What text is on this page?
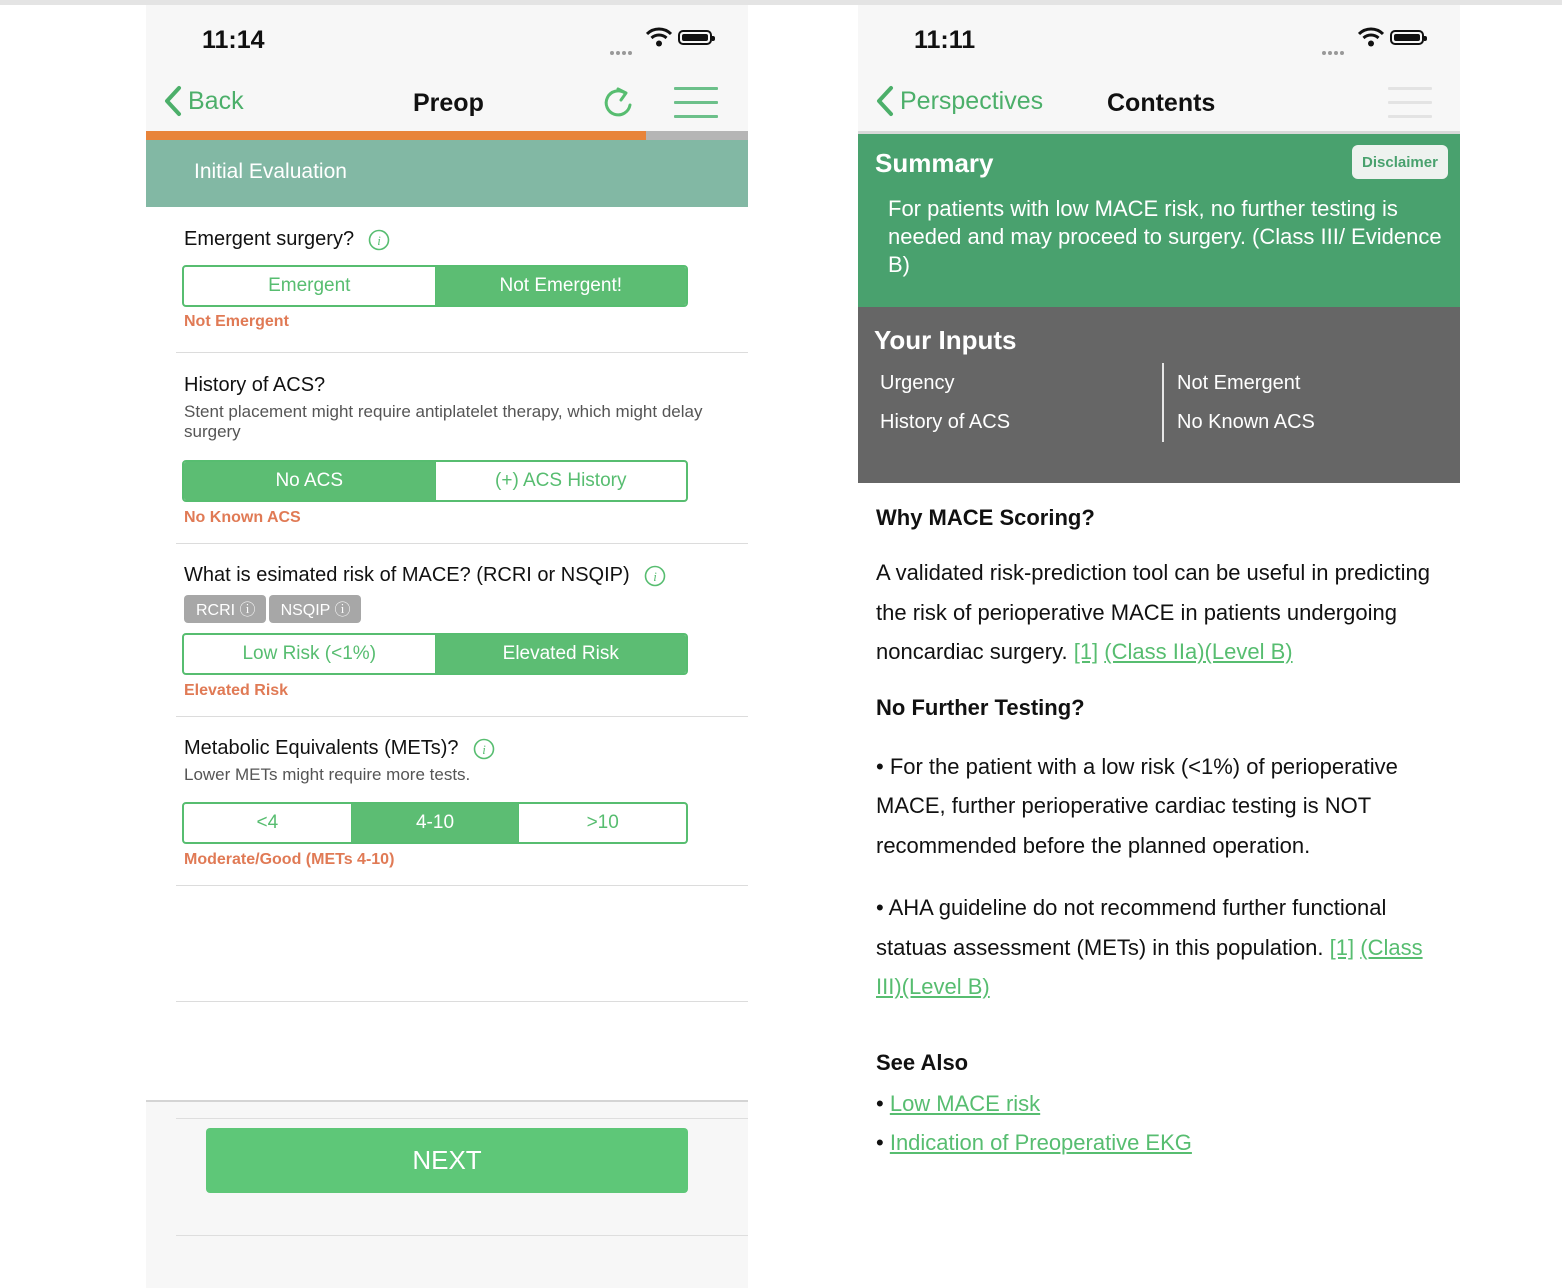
11:14
Back	Preop
Initial Evaluation
Emergent surgery? i
Emergent	Not Emergent!
Not Emergent
History of ACS?
Stent placement might require antiplatelet therapy, which might delay surgery
No ACS	(+) ACS History
No Known ACS
What is esimated risk of MACE? (RCRI or NSQIP) i
RCRI ⓘ	NSQIP ⓘ
Low Risk (<1%)	Elevated Risk
Elevated Risk
Metabolic Equivalents (METs)? i
Lower METs might require more tests.
<4	4-10	>10
Moderate/Good (METs 4-10)
NEXT
11:11
Perspectives	Contents
Summary	Disclaimer
For patients with low MACE risk, no further testing is needed and may proceed to surgery. (Class III/ Evidence B)
Your Inputs
Urgency	Not Emergent
History of ACS	No Known ACS
Why MACE Scoring?
A validated risk-prediction tool can be useful in predicting the risk of perioperative MACE in patients undergoing noncardiac surgery. [1] (Class IIa)(Level B)
No Further Testing?
• For the patient with a low risk (<1%) of perioperative MACE, further perioperative cardiac testing is NOT recommended before the planned operation.
• AHA guideline do not recommend further functional statuas assessment (METs) in this population. [1] (Class III)(Level B)
See Also
• Low MACE risk
• Indication of Preoperative EKG
